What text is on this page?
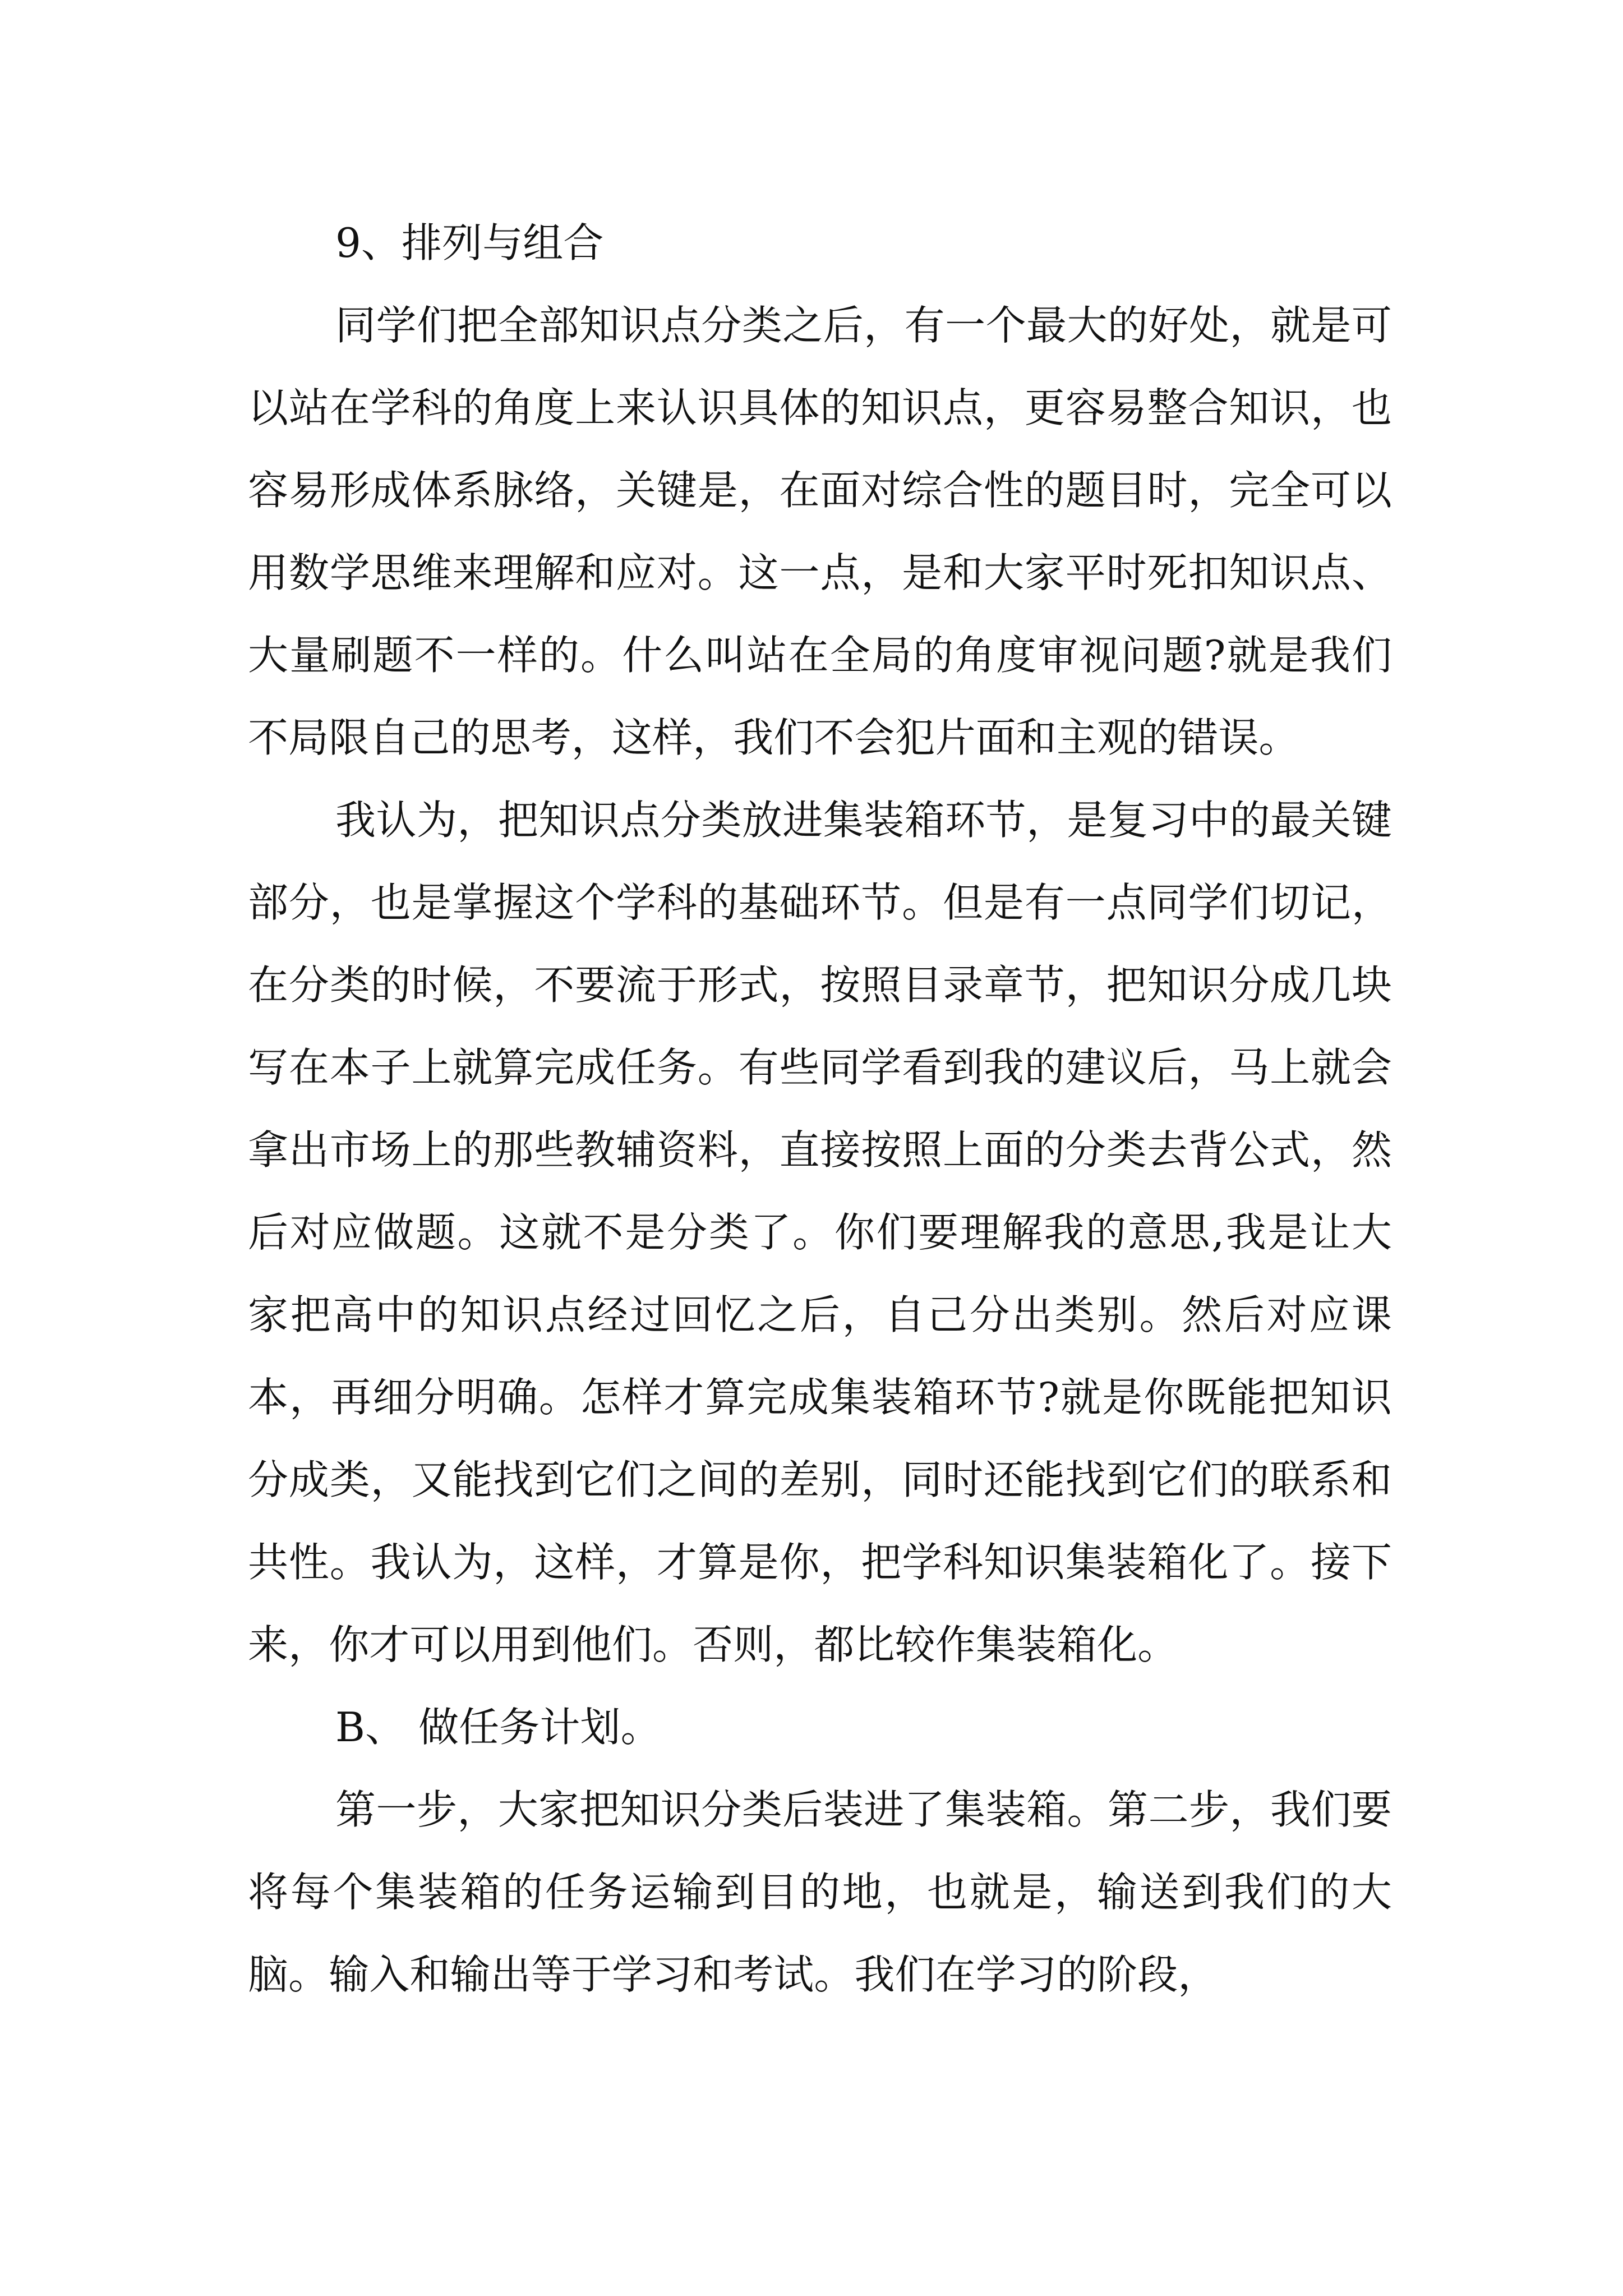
9、排列与组合

同学们把全部知识点分类之后，有一个最大的好处，就是可以站在学科的角度上来认识具体的知识点，更容易整合知识，也容易形成体系脉络，关键是，在面对综合性的题目时，完全可以用数学思维来理解和应对。这一点，是和大家平时死扣知识点、大量刷题不一样的。什么叫站在全局的角度审视问题?就是我们不局限自己的思考，这样，我们不会犯片面和主观的错误。

我认为，把知识点分类放进集装箱环节，是复习中的最关键部分，也是掌握这个学科的基础环节。但是有一点同学们切记，在分类的时候，不要流于形式，按照目录章节，把知识分成几块写在本子上就算完成任务。有些同学看到我的建议后，马上就会拿出市场上的那些教辅资料，直接按照上面的分类去背公式，然后对应做题。这就不是分类了。你们要理解我的意思,我是让大家把高中的知识点经过回忆之后，自己分出类别。然后对应课本，再细分明确。怎样才算完成集装箱环节?就是你既能把知识分成类，又能找到它们之间的差别，同时还能找到它们的联系和共性。我认为，这样，才算是你，把学科知识集装箱化了。接下来，你才可以用到他们。否则，都比较作集装箱化。

B、 做任务计划。

第一步，大家把知识分类后装进了集装箱。第二步，我们要将每个集装箱的任务运输到目的地，也就是，输送到我们的大脑。输入和输出等于学习和考试。我们在学习的阶段，
